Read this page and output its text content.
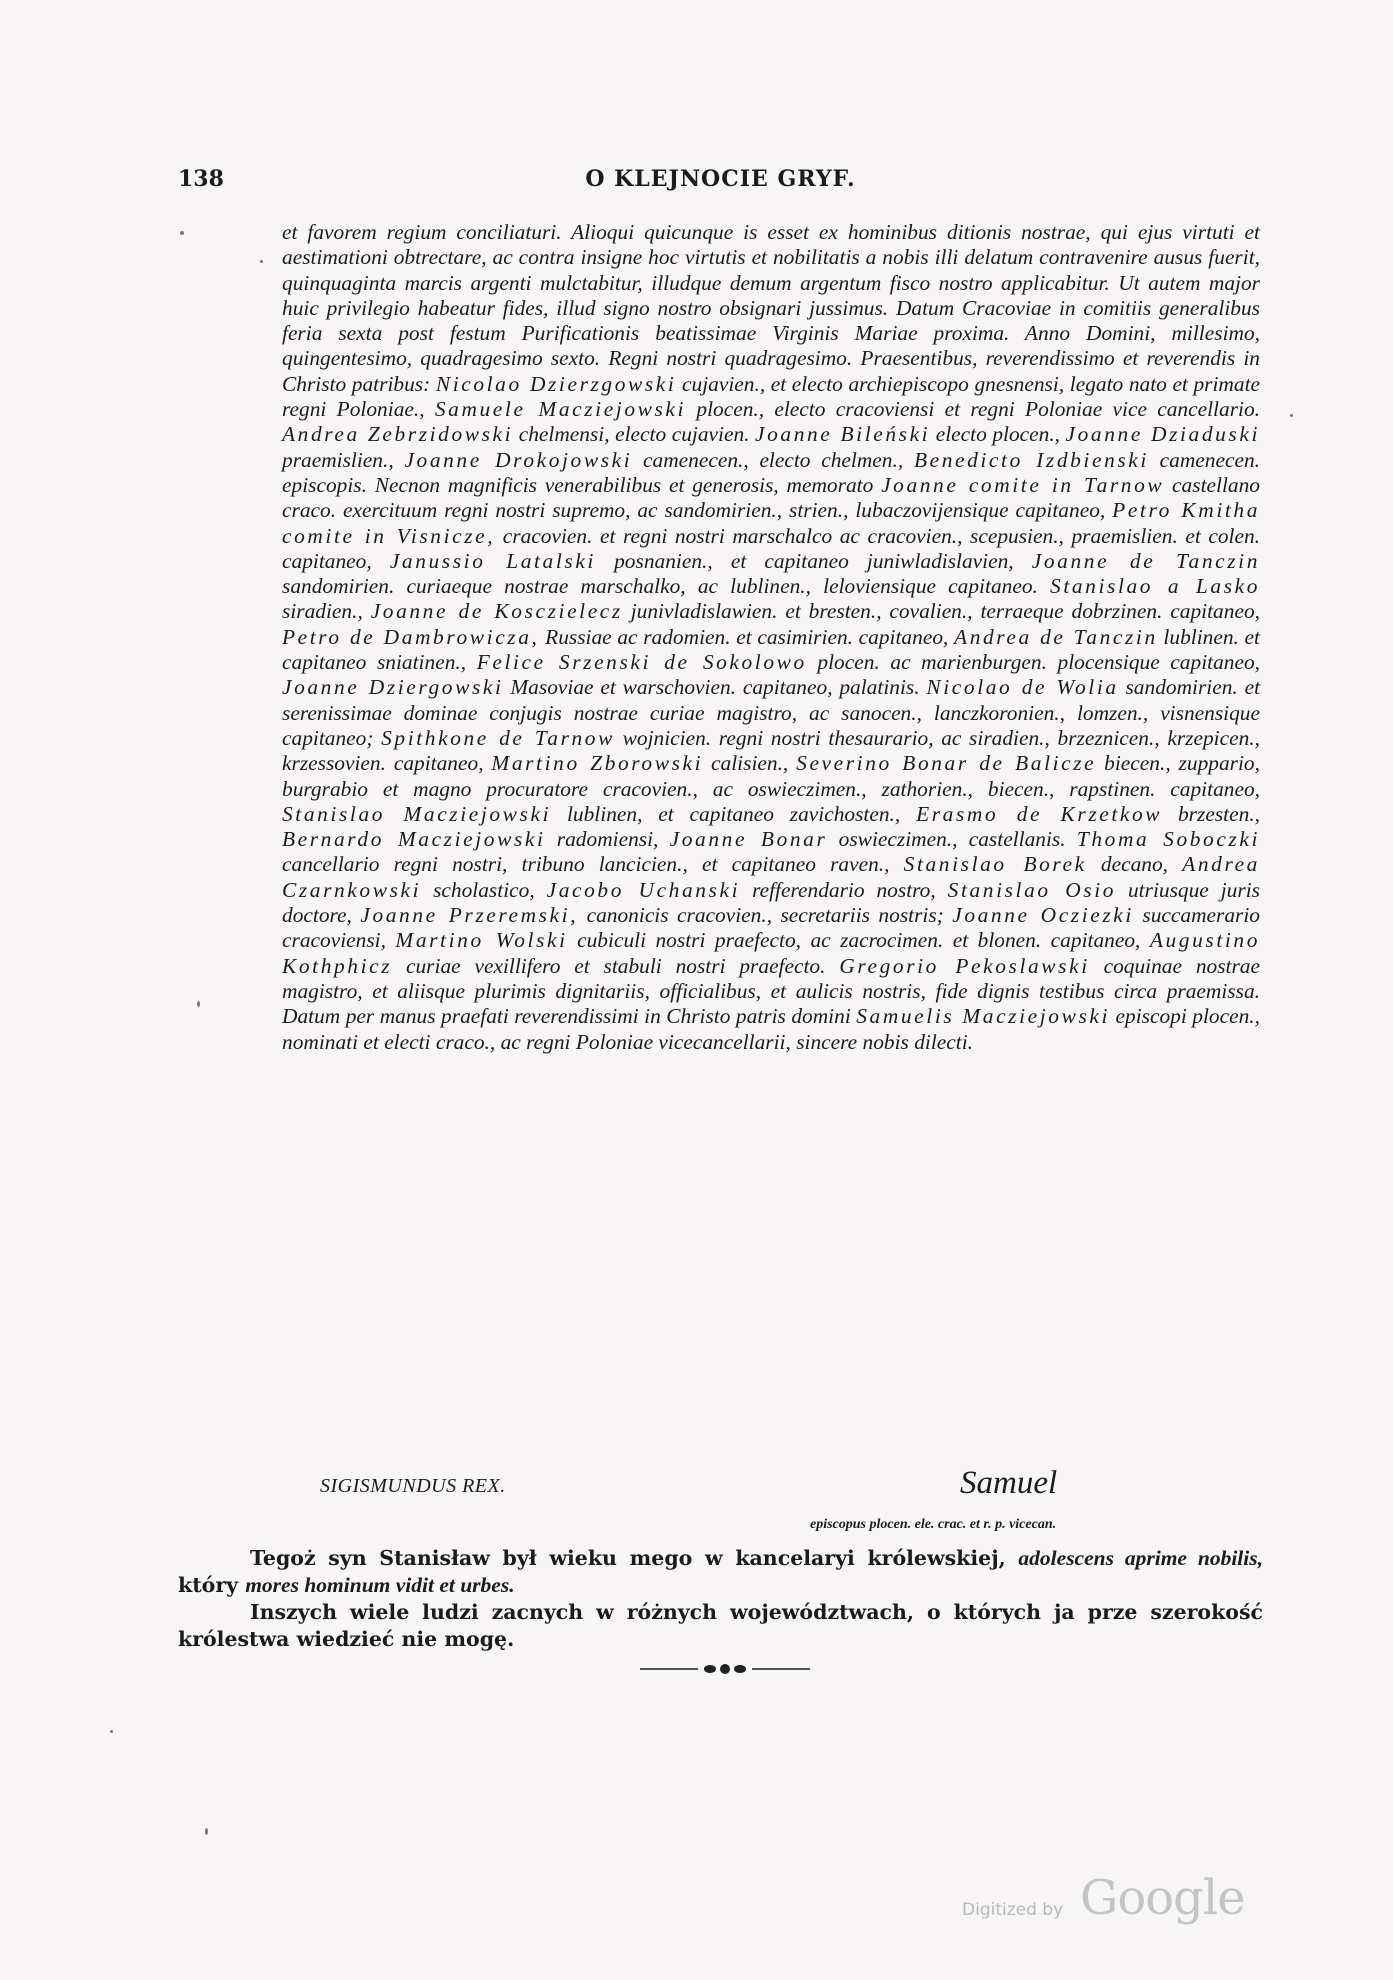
138	O KLEJNOCIE GRYF.
et favorem regium conciliaturi. Alioqui quicunque is esset ex hominibus ditionis nostrae, qui ejus virtuti et aestimationi obtrectare, ac contra insigne hoc virtutis et nobilitatis a nobis illi delatum contravenire ausus fuerit, quinquaginta marcis argenti mulctabitur, illudque demum argentum fisco nostro applicabitur. Ut autem major huic privilegio habeatur fides, illud signo nostro obsignari jussimus. Datum Cracoviae in comitiis generalibus feria sexta post festum Purificationis beatissimae Virginis Mariae proxima. Anno Domini, millesimo, quingentesimo, quadragesimo sexto. Regni nostri quadragesimo. Praesentibus, reverendissimo et reverendis in Christo patribus: Nicolao Dzierzgowski cujavien., et electo archiepiscopo gnesnensi, legato nato et primate regni Poloniae., Samuele Macziejowski plocen., electo cracoviensi et regni Poloniae vice cancellario. Andrea Zebrzidowski chelmensi, electo cujavien. Joanne Bileński electo plocen., Joanne Dziaduski praemislien., Joanne Drokojowski camenecen., electo chelmen., Benedicto Izdbienski camenecen. episcopis. Necnon magnificis venerabilibus et generosis, memorato Joanne comite in Tarnow castellano craco. exercituum regni nostri supremo, ac sandomirien., strien., lubaczovijensique capitaneo, Petro Kmitha comite in Visnicze, cracovien. et regni nostri marschalco ac cracovien., scepusien., praemislien. et colen. capitaneo, Janussio Latalski posnanien., et capitaneo juniwladislavien, Joanne de Tanczin sandomirien. curiaeque nostrae marschalko, ac lublinen., leloviensique capitaneo. Stanislao a Lasko siradien., Joanne de Kosczielecz junivladislawien. et bresten., covalien., terraeque dobrzinen. capitaneo, Petro de Dambrowicza, Russiae ac radomien. et casimirien. capitaneo, Andrea de Tanczin lublinen. et capitaneo sniatinen., Felice Srzenski de Sokolowo plocen. ac marienburgen. plocensique capitaneo, Joanne Dziergowski Masoviae et warschovien. capitaneo, palatinis. Nicolao de Wolia sandomirien. et serenissimae dominae conjugis nostrae curiae magistro, ac sanocen., lanczkoronien., lomzen., visnensique capitaneo; Spithkone de Tarnow wojnicien. regni nostri thesaurario, ac siradien., brzeznicen., krzepicen., krzessovien. capitaneo, Martino Zborowski calisien., Severino Bonar de Balicze biecen., zuppario, burgrabio et magno procuratore cracovien., ac oswieczimen., zathorien., biecen., rapstinen. capitaneo, Stanislao Macziejowski lublinen, et capitaneo zavichosten., Erasmo de Krzetkow brzesten., Bernardo Macziejowski radomiensi, Joanne Bonar oswieczimen., castellanis. Thoma Soboczki cancellario regni nostri, tribuno lancicien., et capitaneo raven., Stanislao Borek decano, Andrea Czarnkowski scholastico, Jacobo Uchanski refferendario nostro, Stanislao Osio utriusque juris doctore, Joanne Przeremski, canonicis cracovien., secretariis nostris; Joanne Ocziezki succamerario cracoviensi, Martino Wolski cubiculi nostri praefecto, ac zacrocimen. et blonen. capitaneo, Augustino Kothphicz curiae vexillifero et stabuli nostri praefecto. Gregorio Pekoslawski coquinae nostrae magistro, et aliisque plurimis dignitariis, officialibus, et aulicis nostris, fide dignis testibus circa praemissa. Datum per manus praefati reverendissimi in Christo patris domini Samuelis Macziejowski episcopi plocen., nominati et electi craco., ac regni Poloniae vicecancellarii, sincere nobis dilecti.
SIGISMUNDUS REX.	Samuel
episcopus plocen. ele. crac. et r. p. vicecan.

Tegoż syn Stanisław był wieku mego w kancelaryi królewskiej, adolescens aprime nobilis, który mores hominum vidit et urbes.

Inszych wiele ludzi zacnych w różnych województwach, o których ja prze szerokość królestwa wiedzieć nie mogę.

Digitized by Google
